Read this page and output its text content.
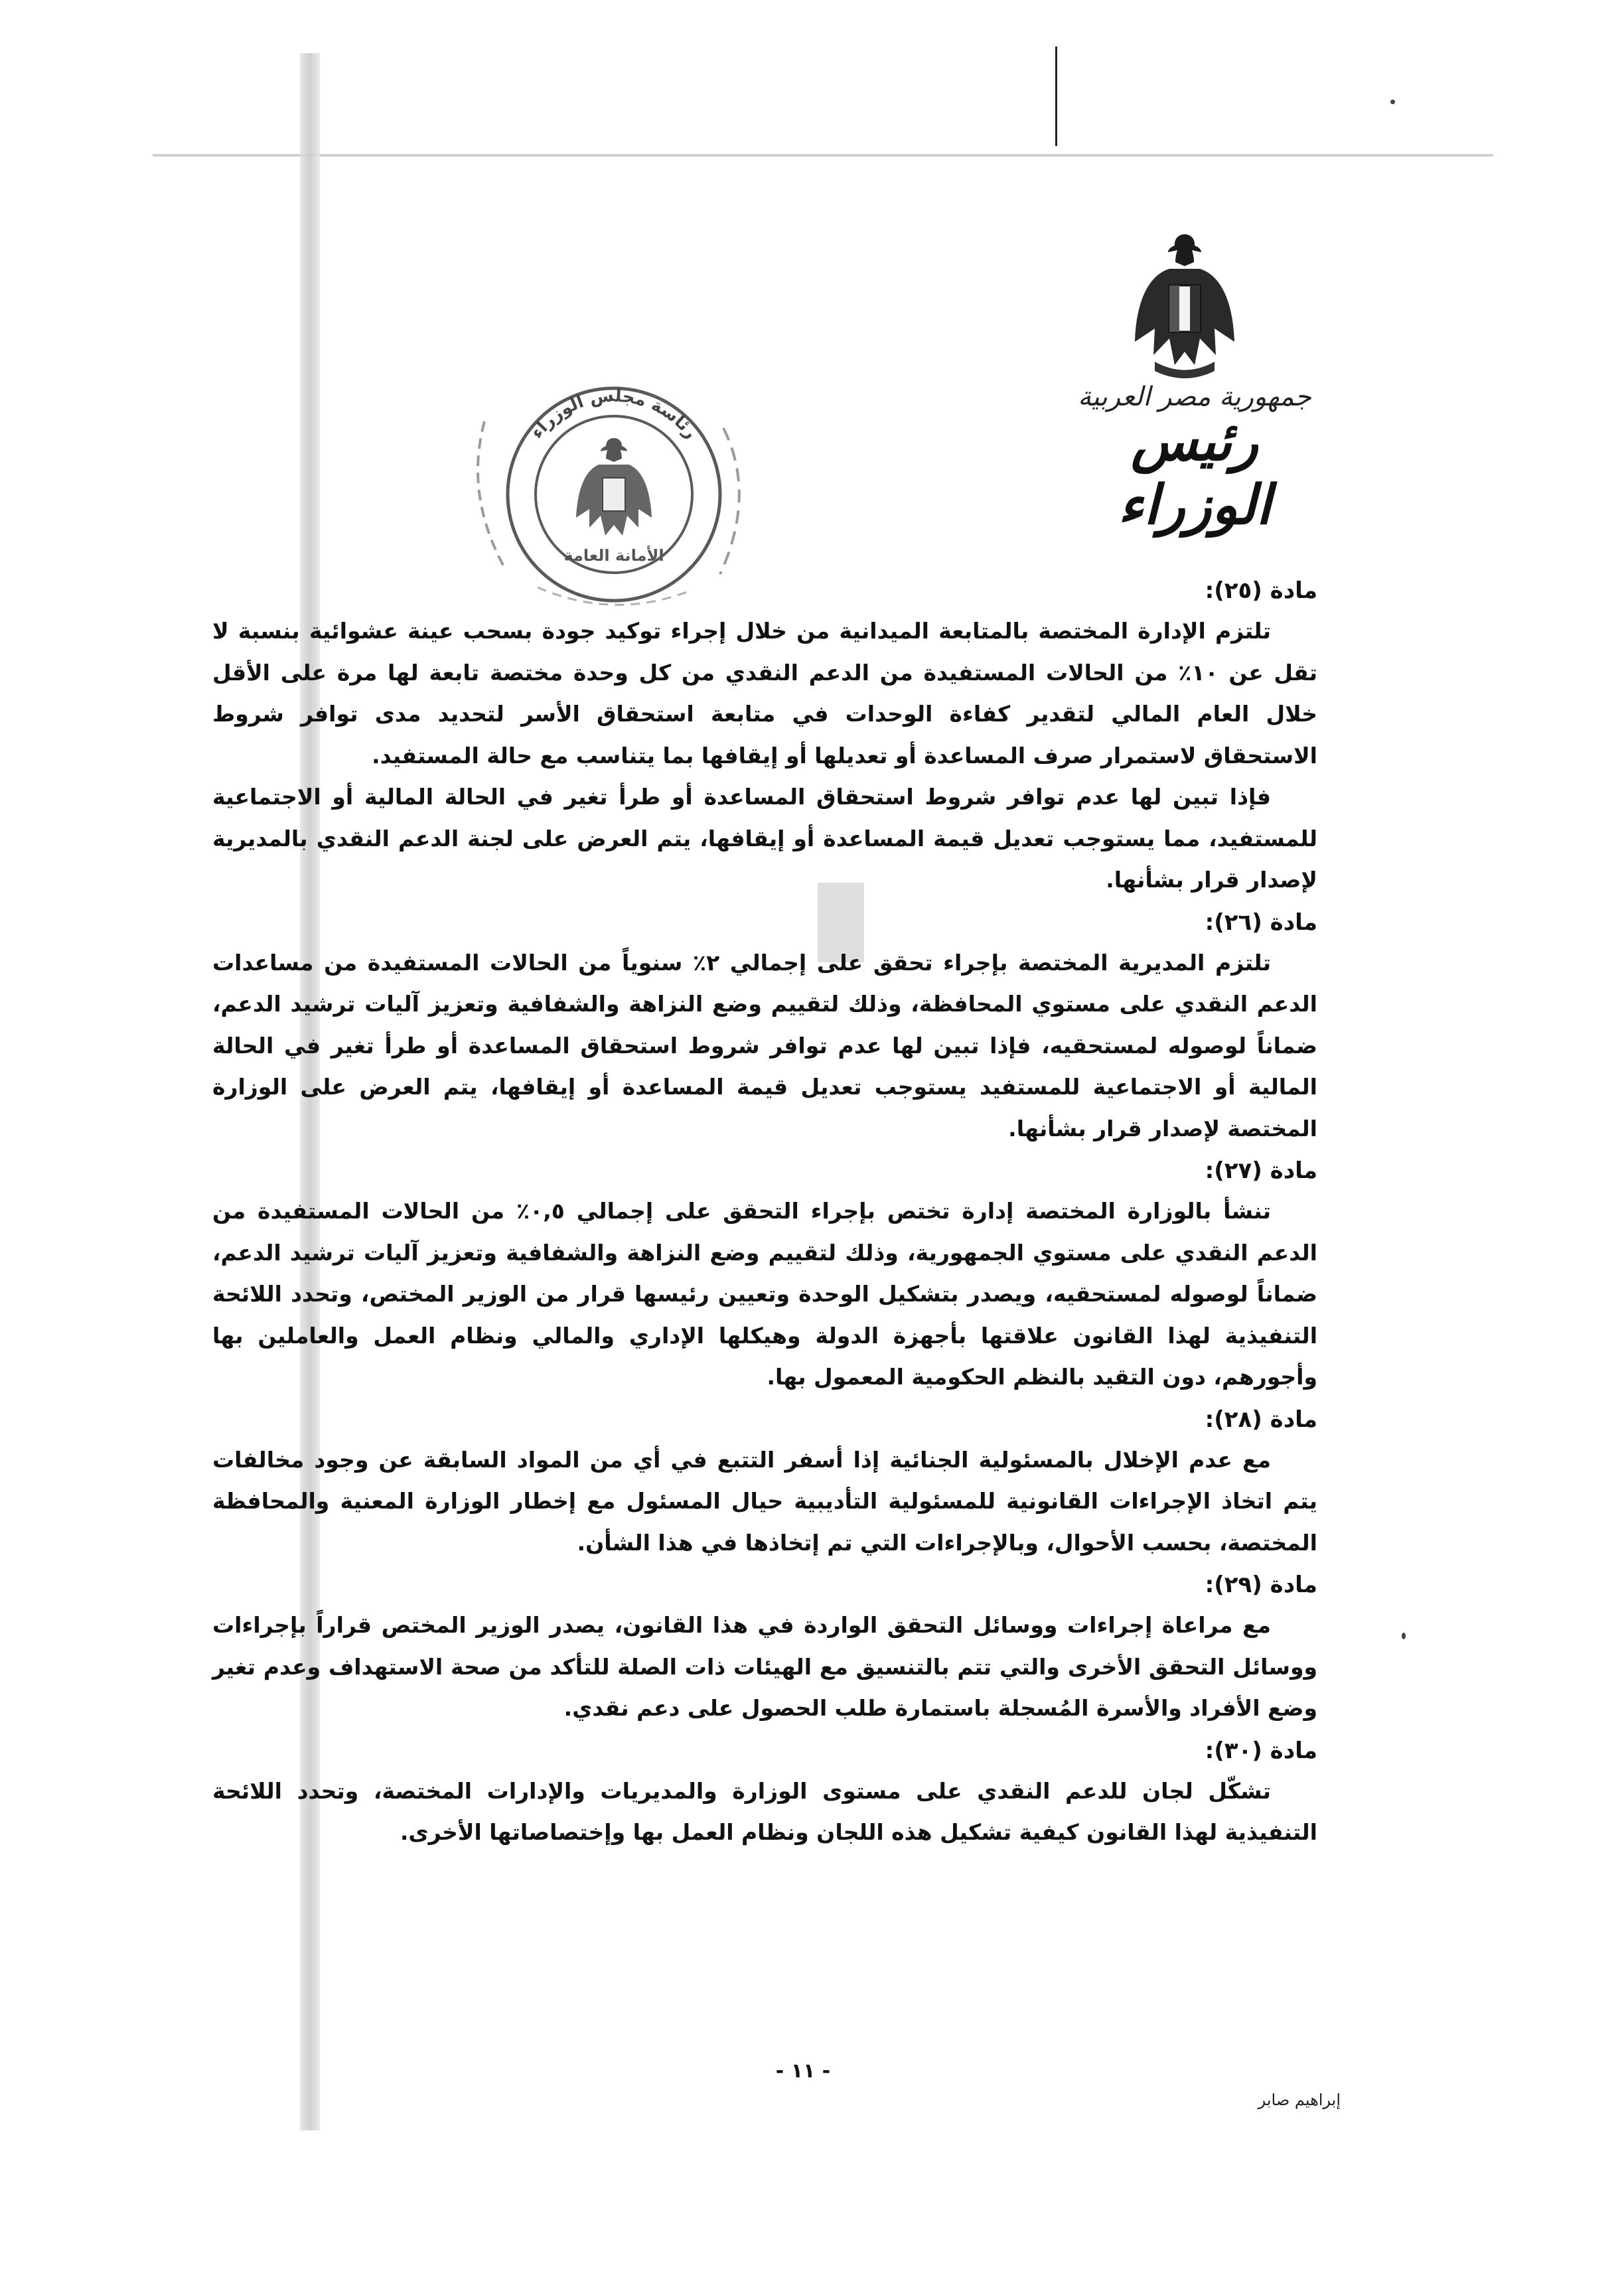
جمهورية مصر العربية
رئيس الوزراء
رئاسة مجلس الوزراء
الأمانة العامة
مادة (٢٥):

تلتزم الإدارة المختصة بالمتابعة الميدانية من خلال إجراء توكيد جودة بسحب عينة عشوائية بنسبة لا تقل عن ١٠٪ من الحالات المستفيدة من الدعم النقدي من كل وحدة مختصة تابعة لها مرة على الأقل خلال العام المالي لتقدير كفاءة الوحدات في متابعة استحقاق الأسر لتحديد مدى توافر شروط الاستحقاق لاستمرار صرف المساعدة أو تعديلها أو إيقافها بما يتناسب مع حالة المستفيد.

فإذا تبين لها عدم توافر شروط استحقاق المساعدة أو طرأ تغير في الحالة المالية أو الاجتماعية للمستفيد، مما يستوجب تعديل قيمة المساعدة أو إيقافها، يتم العرض على لجنة الدعم النقدي بالمديرية لإصدار قرار بشأنها.

مادة (٢٦):

تلتزم المديرية المختصة بإجراء تحقق على إجمالي ٢٪ سنوياً من الحالات المستفيدة من مساعدات الدعم النقدي على مستوي المحافظة، وذلك لتقييم وضع النزاهة والشفافية وتعزيز آليات ترشيد الدعم، ضماناً لوصوله لمستحقيه، فإذا تبين لها عدم توافر شروط استحقاق المساعدة أو طرأ تغير في الحالة المالية أو الاجتماعية للمستفيد يستوجب تعديل قيمة المساعدة أو إيقافها، يتم العرض على الوزارة المختصة لإصدار قرار بشأنها.

مادة (٢٧):

تنشأ بالوزارة المختصة إدارة تختص بإجراء التحقق على إجمالي ٠,٥٪ من الحالات المستفيدة من الدعم النقدي على مستوي الجمهورية، وذلك لتقييم وضع النزاهة والشفافية وتعزيز آليات ترشيد الدعم، ضماناً لوصوله لمستحقيه، ويصدر بتشكيل الوحدة وتعيين رئيسها قرار من الوزير المختص، وتحدد اللائحة التنفيذية لهذا القانون علاقتها بأجهزة الدولة وهيكلها الإداري والمالي ونظام العمل والعاملين بها وأجورهم، دون التقيد بالنظم الحكومية المعمول بها.

مادة (٢٨):

مع عدم الإخلال بالمسئولية الجنائية إذا أسفر التتبع في أي من المواد السابقة عن وجود مخالفات يتم اتخاذ الإجراءات القانونية للمسئولية التأديبية حيال المسئول مع إخطار الوزارة المعنية والمحافظة المختصة، بحسب الأحوال، وبالإجراءات التي تم إتخاذها في هذا الشأن.

مادة (٢٩):

مع مراعاة إجراءات ووسائل التحقق الواردة في هذا القانون، يصدر الوزير المختص قراراً بإجراءات ووسائل التحقق الأخرى والتي تتم بالتنسيق مع الهيئات ذات الصلة للتأكد من صحة الاستهداف وعدم تغير وضع الأفراد والأسرة المُسجلة باستمارة طلب الحصول على دعم نقدي.

مادة (٣٠):

تشكّل لجان للدعم النقدي على مستوى الوزارة والمديريات والإدارات المختصة، وتحدد اللائحة التنفيذية لهذا القانون كيفية تشكيل هذه اللجان ونظام العمل بها وإختصاصاتها الأخرى.

- ١١ -
إبراهيم صابر
